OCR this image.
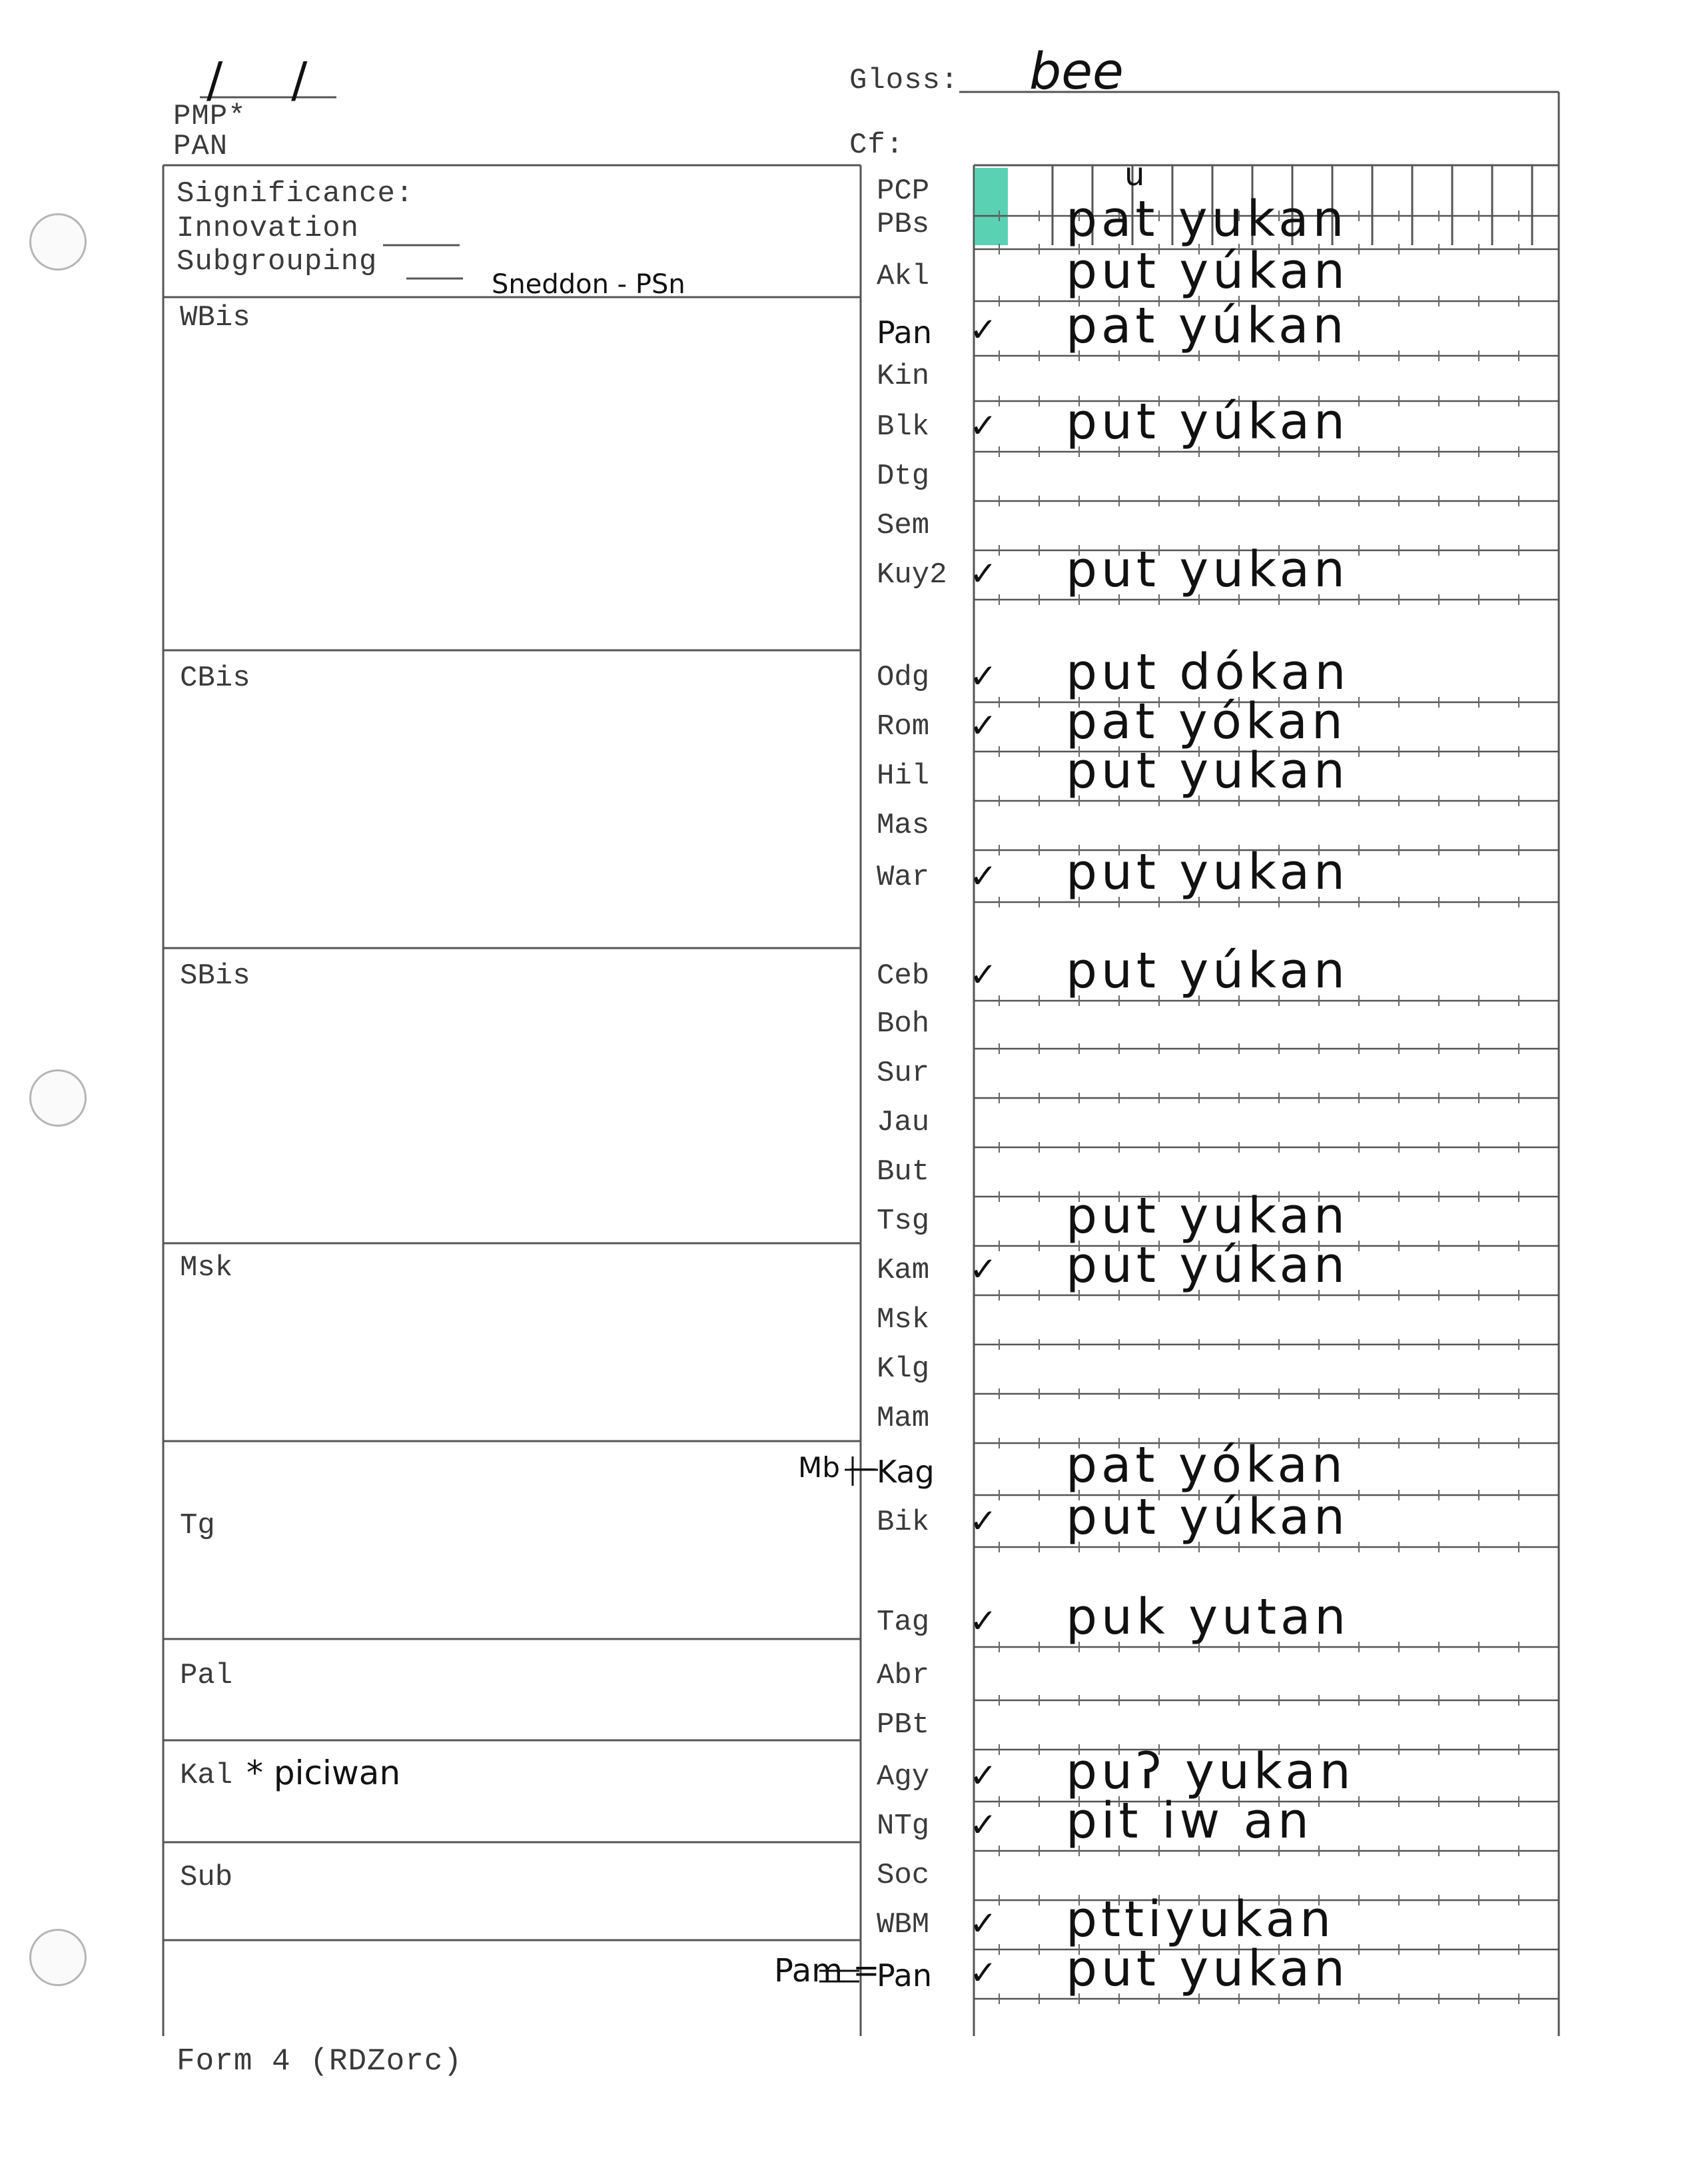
/ /
PMP*
PAN
Gloss: bee
Cf:
Significance:
Innovation
Subgrouping
Sneddon - PSn
WBis
CBis
SBis
Msk
Tg
Pal
Kal * piciwan
Sub
Mb —
Pam =
PCP
PBs	pat yukan
u
Akl	put yúkan
Pan ✓ pat yúkan
Kin
Blk ✓ put yúkan
Dtg
Sem
Kuy2 ✓ put yukan
Odg ✓ put dókan
Rom ✓ pat yókan
Hil	put yukan
Mas
War ✓ put yukan
Ceb ✓ put yúkan
Boh
Sur
Jau
But
Tsg	put yukan
Kam ✓ put yúkan
Msk
Klg
Mam
Kag	pat yókan
Bik ✓ put yúkan
Tag ✓ puk yutan
Abr
PBt
Agy ✓ puʔ yukan
NTg ✓ pit iw an
Soc
WBM ✓ pttiyukan
Pan ✓ put yukan
Form 4 (RDZorc)
